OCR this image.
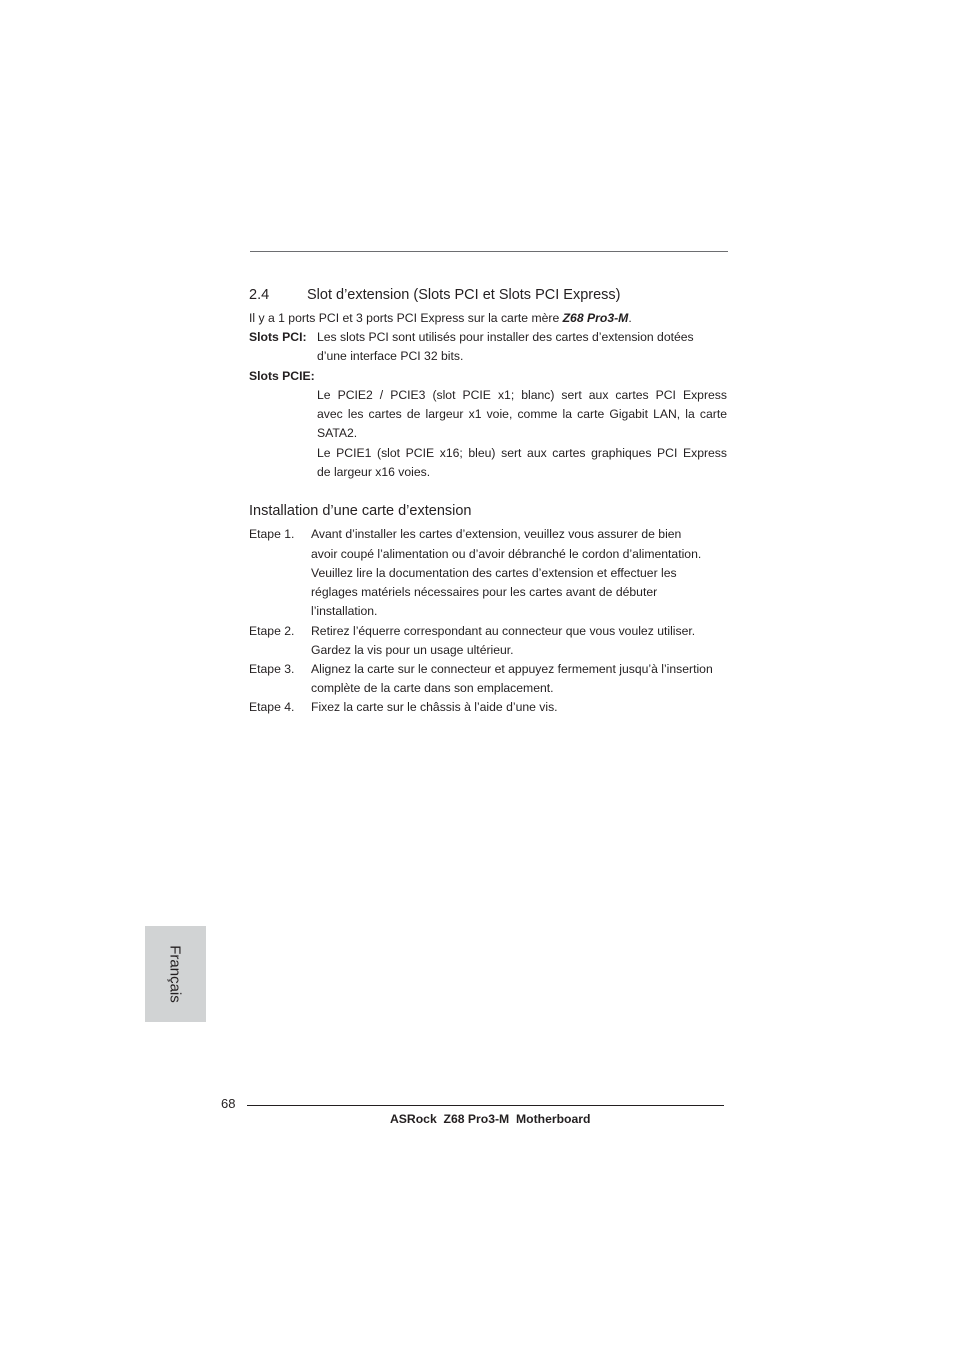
2.4	Slot d’extension (Slots PCI et Slots PCI Express)
Il y a 1 ports PCI et 3 ports PCI Express sur la carte mère Z68 Pro3-M.
Slots PCI: Les slots PCI sont utilisés pour installer des cartes d’extension dotées
d’une interface PCI 32 bits.
Slots PCIE:
Le PCIE2 / PCIE3 (slot PCIE x1; blanc) sert aux cartes PCI Express
avec les cartes de largeur x1 voie, comme la carte Gigabit LAN, la carte
SATA2.
Le PCIE1 (slot PCIE x16; bleu) sert aux cartes graphiques PCI Express
de largeur x16 voies.
Installation d’une carte d’extension
Etape 1. Avant d’installer les cartes d’extension, veuillez vous assurer de bien
avoir coupé l’alimentation ou d’avoir débranché le cordon d’alimentation.
Veuillez lire la documentation des cartes d’extension et effectuer les
réglages matériels nécessaires pour les cartes avant de débuter
l’installation.
Etape 2. Retirez l’équerre correspondant au connecteur que vous voulez utiliser.
Gardez la vis pour un usage ultérieur.
Etape 3. Alignez la carte sur le connecteur et appuyez fermement jusqu’à l’insertion
complète de la carte dans son emplacement.
Etape 4. Fixez la carte sur le châssis à l’aide d’une vis.
Français
68
ASRock  Z68 Pro3-M  Motherboard
